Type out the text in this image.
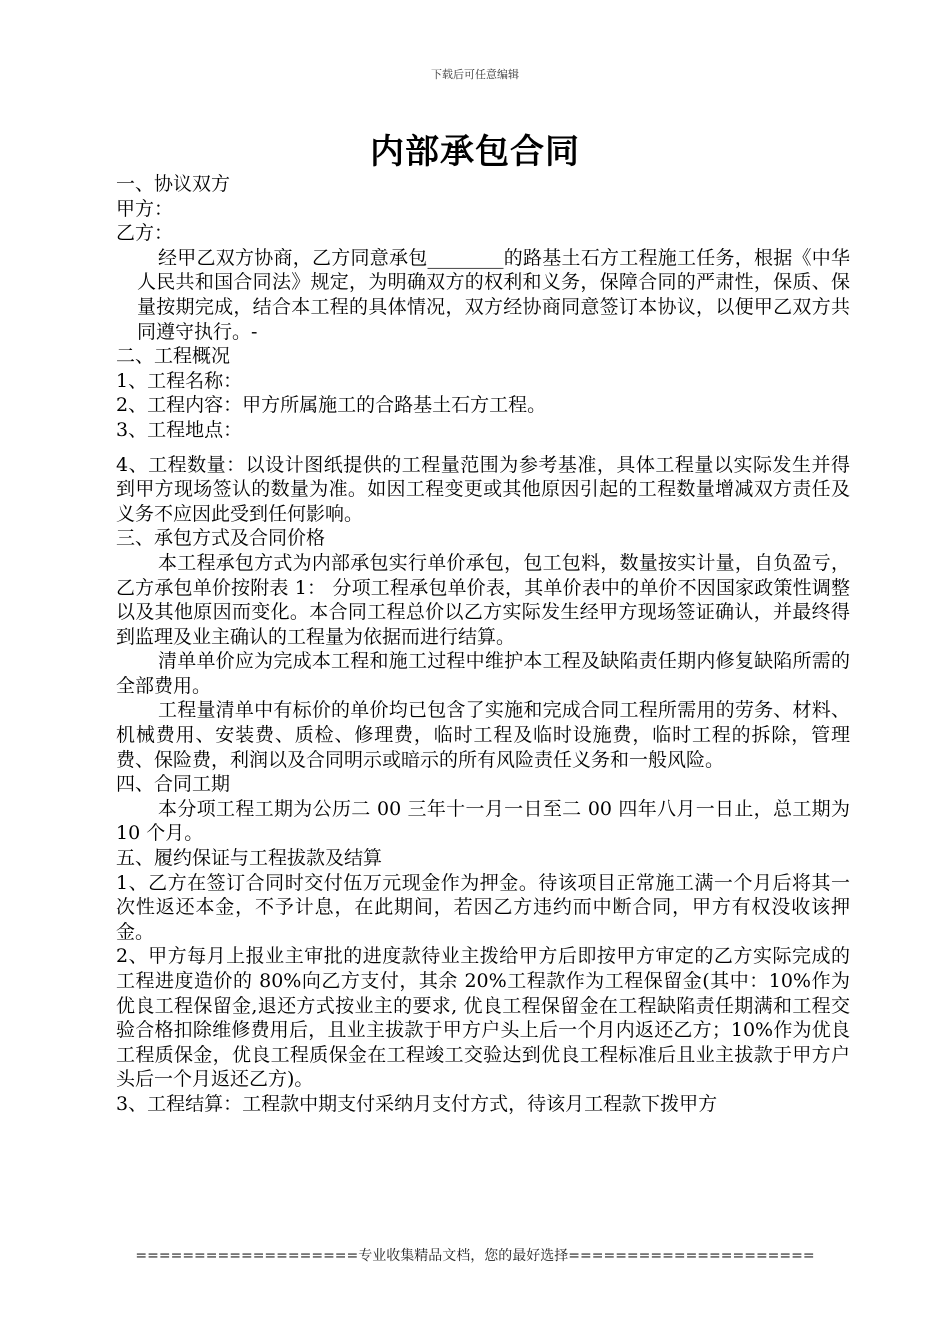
下载后可任意编辑
内部承包合同

一、协议双方

甲方：

乙方：

经甲乙双方协商，乙方同意承包________的路基土石方工程施工任务，根据《中华人民共和国合同法》规定，为明确双方的权利和义务，保障合同的严肃性，保质、保量按期完成，结合本工程的具体情况，双方经协商同意签订本协议，以便甲乙双方共同遵守执行。-

二、工程概况

1、工程名称：

2、工程内容：甲方所属施工的合路基土石方工程。

3、工程地点：

4、工程数量：以设计图纸提供的工程量范围为参考基准，具体工程量以实际发生并得到甲方现场签认的数量为准。如因工程变更或其他原因引起的工程数量增减双方责任及义务不应因此受到任何影响。

三、承包方式及合同价格

本工程承包方式为内部承包实行单价承包，包工包料，数量按实计量，自负盈亏，乙方承包单价按附表 1： 分项工程承包单价表，其单价表中的单价不因国家政策性调整以及其他原因而变化。本合同工程总价以乙方实际发生经甲方现场签证确认，并最终得到监理及业主确认的工程量为依据而进行结算。

清单单价应为完成本工程和施工过程中维护本工程及缺陷责任期内修复缺陷所需的全部费用。

工程量清单中有标价的单价均已包含了实施和完成合同工程所需用的劳务、材料、机械费用、安装费、质检、修理费，临时工程及临时设施费，临时工程的拆除，管理费、保险费，利润以及合同明示或暗示的所有风险责任义务和一般风险。

四、合同工期

本分项工程工期为公历二 00 三年十一月一日至二 00 四年八月一日止，总工期为 10 个月。

五、履约保证与工程拔款及结算

1、乙方在签订合同时交付伍万元现金作为押金。待该项目正常施工满一个月后将其一次性返还本金，不予计息，在此期间，若因乙方违约而中断合同，甲方有权没收该押金。

2、甲方每月上报业主审批的进度款待业主拨给甲方后即按甲方审定的乙方实际完成的工程进度造价的 80%向乙方支付，其余 20%工程款作为工程保留金(其中：10%作为优良工程保留金,退还方式按业主的要求, 优良工程保留金在工程缺陷责任期满和工程交验合格扣除维修费用后，且业主拔款于甲方户头上后一个月内返还乙方；10%作为优良工程质保金，优良工程质保金在工程竣工交验达到优良工程标准后且业主拔款于甲方户头后一个月返还乙方)。

3、工程结算：工程款中期支付采纳月支付方式，待该月工程款下拨甲方

===================专业收集精品文档，您的最好选择=====================
